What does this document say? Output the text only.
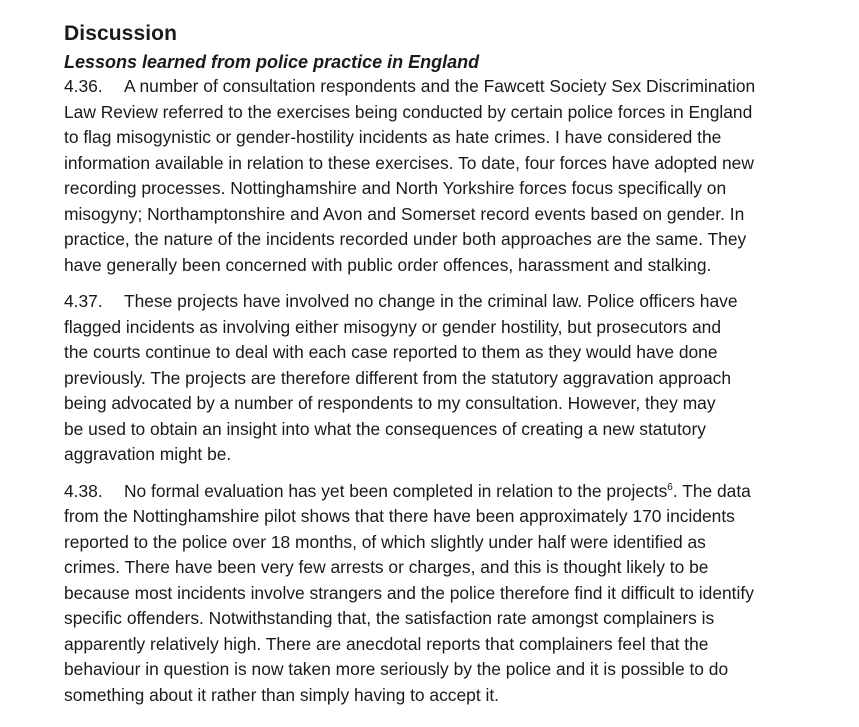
Discussion
Lessons learned from police practice in England
4.36. A number of consultation respondents and the Fawcett Society Sex Discrimination
Law Review referred to the exercises being conducted by certain police forces in England
to flag misogynistic or gender-hostility incidents as hate crimes. I have considered the
information available in relation to these exercises. To date, four forces have adopted new
recording processes. Nottinghamshire and North Yorkshire forces focus specifically on
misogyny; Northamptonshire and Avon and Somerset record events based on gender. In
practice, the nature of the incidents recorded under both approaches are the same. They
have generally been concerned with public order offences, harassment and stalking.
4.37. These projects have involved no change in the criminal law. Police officers have
flagged incidents as involving either misogyny or gender hostility, but prosecutors and
the courts continue to deal with each case reported to them as they would have done
previously. The projects are therefore different from the statutory aggravation approach
being advocated by a number of respondents to my consultation. However, they may
be used to obtain an insight into what the consequences of creating a new statutory
aggravation might be.
4.38. No formal evaluation has yet been completed in relation to the projects$^6$. The data
from the Nottinghamshire pilot shows that there have been approximately 170 incidents
reported to the police over 18 months, of which slightly under half were identified as
crimes. There have been very few arrests or charges, and this is thought likely to be
because most incidents involve strangers and the police therefore find it difficult to identify
specific offenders. Notwithstanding that, the satisfaction rate amongst complainers is
apparently relatively high. There are anecdotal reports that complainers feel that the
behaviour in question is now taken more seriously by the police and it is possible to do
something about it rather than simply having to accept it.
